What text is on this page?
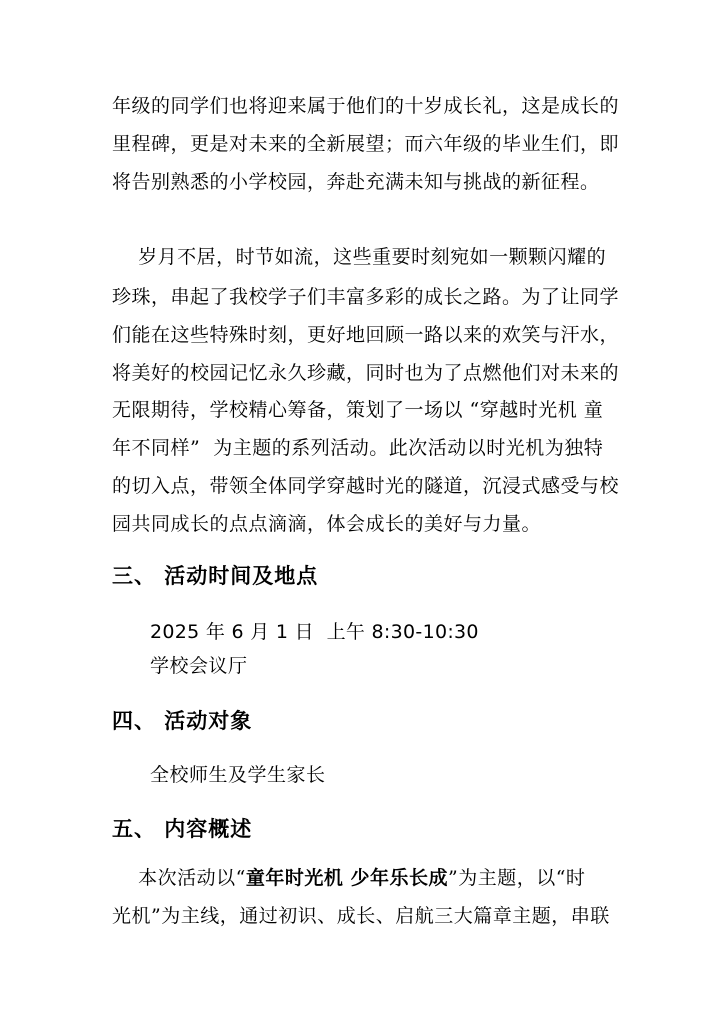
年级的同学们也将迎来属于他们的十岁成长礼，这是成长的
里程碑，更是对未来的全新展望；而六年级的毕业生们，即
将告别熟悉的小学校园，奔赴充满未知与挑战的新征程。
岁月不居，时节如流，这些重要时刻宛如一颗颗闪耀的
珍珠，串起了我校学子们丰富多彩的成长之路。为了让同学
们能在这些特殊时刻，更好地回顾一路以来的欢笑与汗水，
将美好的校园记忆永久珍藏，同时也为了点燃他们对未来的
无限期待，学校精心筹备，策划了一场以 “穿越时光机 童
年不同样”  为主题的系列活动。此次活动以时光机为独特
的切入点，带领全体同学穿越时光的隧道，沉浸式感受与校
园共同成长的点点滴滴，体会成长的美好与力量。
三、 活动时间及地点
2025 年 6 月 1 日  上午 8:30-10:30
学校会议厅
四、 活动对象
全校师生及学生家长
五、 内容概述
本次活动以“童年时光机 少年乐长成”为主题，以“时
光机”为主线，通过初识、成长、启航三大篇章主题，串联
